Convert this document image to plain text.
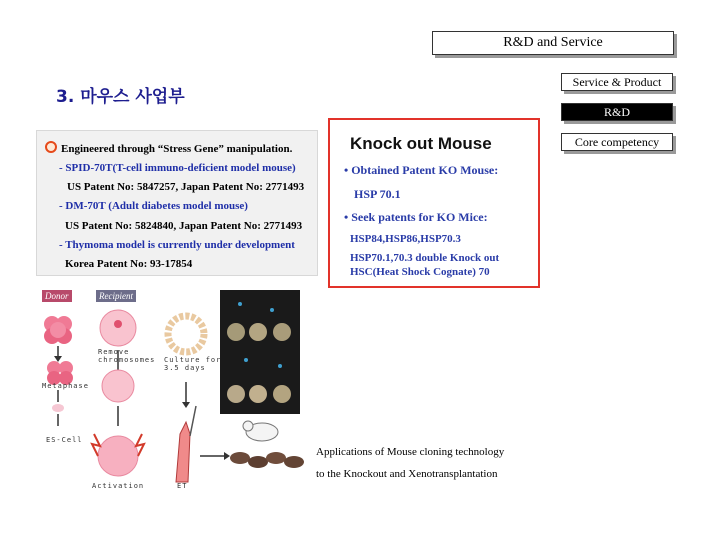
R&D and Service
Service & Product
R&D
Core competency
3. 마우스 사업부
Engineered through “Stress Gene” manipulation.
- SPID-70T(T-cell immuno-deficient model mouse)
US Patent No: 5847257, Japan Patent No: 2771493
- DM-70T (Adult diabetes model mouse)
US Patent No: 5824840, Japan Patent No: 2771493
- Thymoma model is currently under development
Korea Patent No: 93-17854
Knock out Mouse
• Obtained Patent KO Mouse:
HSP 70.1
• Seek patents for KO Mice:
HSP84,HSP86,HSP70.3
HSP70.1,70.3 double Knock out
HSC(Heat Shock Cognate) 70
Donor	Recipient
Remove chromosomes	Culture for 3.5 days
Metaphase
ES-Cell
Activation	ET
Applications of Mouse cloning technology
to the Knockout and Xenotransplantation
